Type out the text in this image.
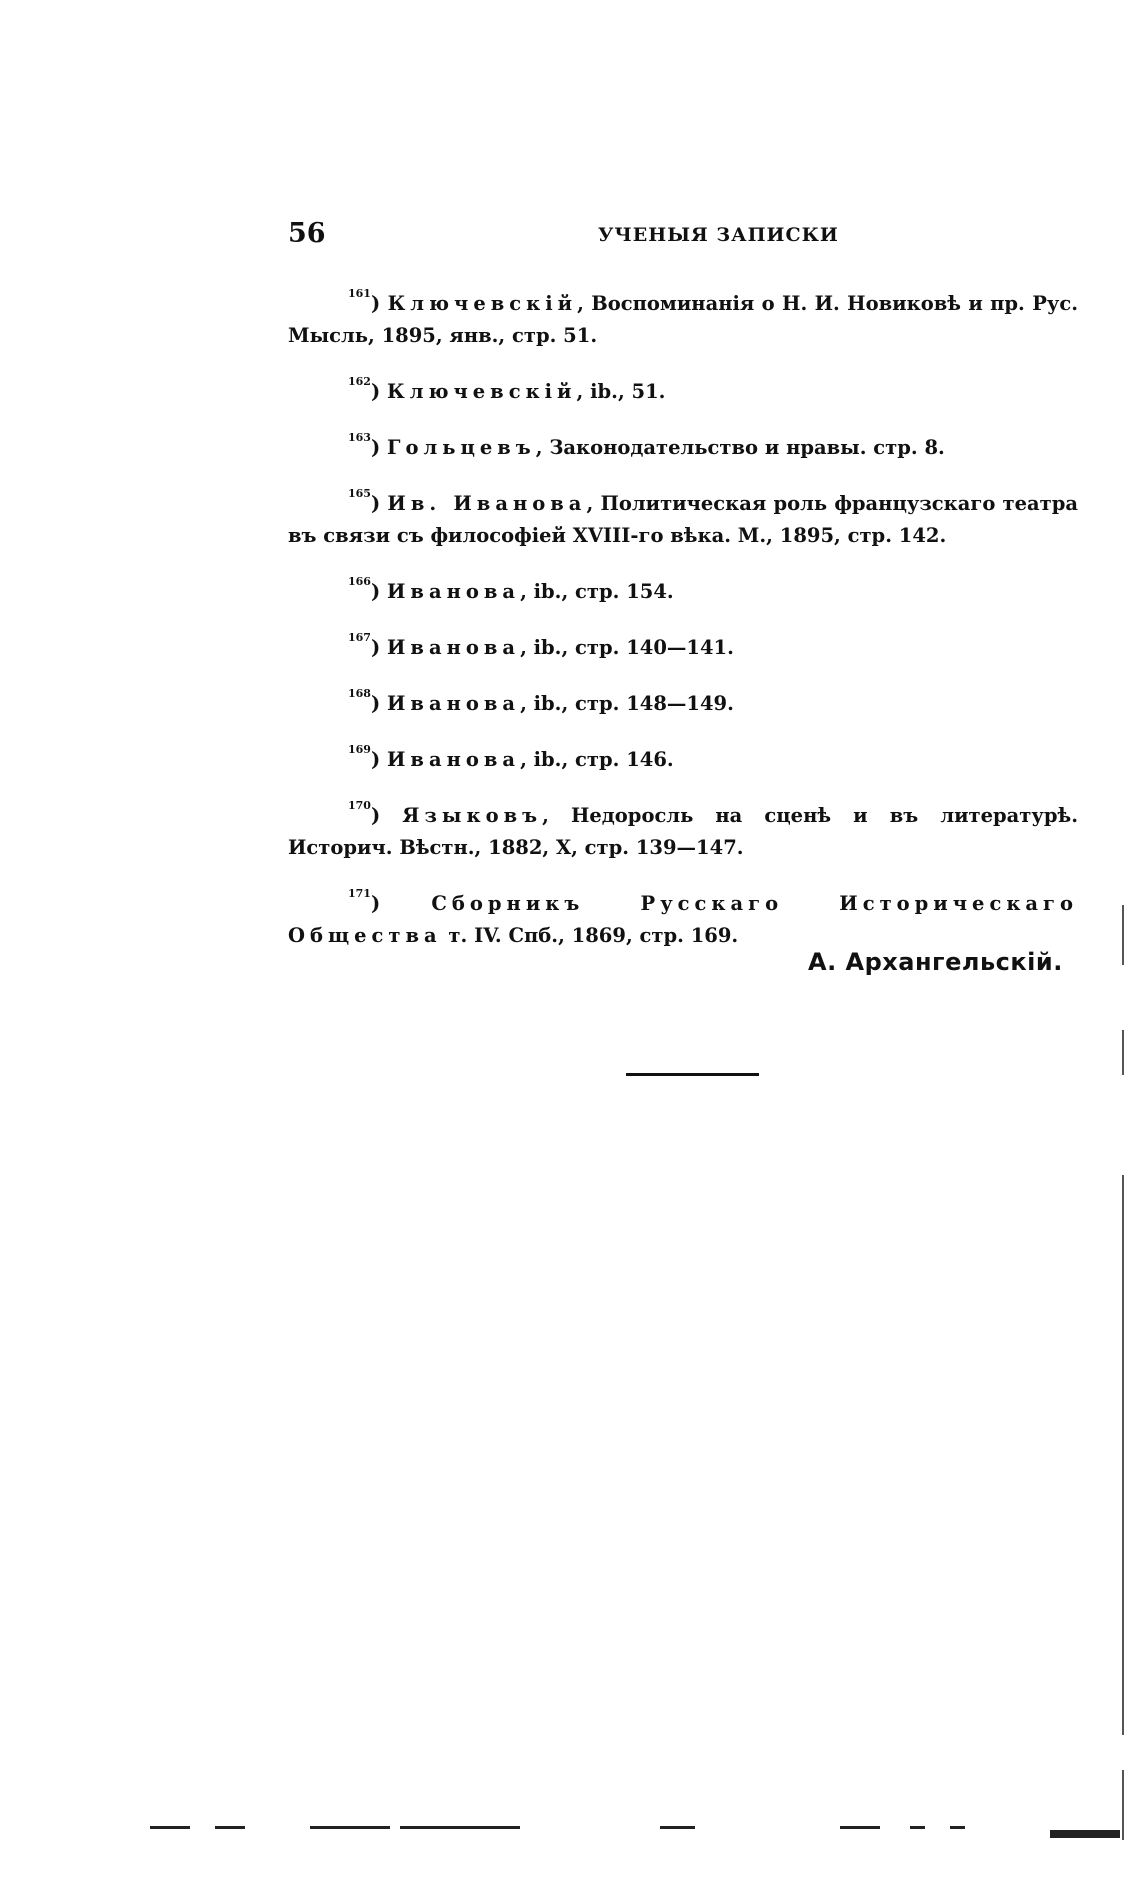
56	УЧЕНЫЯ ЗАПИСКИ

$^{161}$) Ключевскій, Воспоминанія о Н. И. Новиковѣ и пр. Рус. Мысль, 1895, янв., стр. 51.

$^{162}$) Ключевскій, ib., 51.

$^{163}$) Гольцевъ, Законодательство и нравы. стр. 8.

$^{165}$) Ив. Иванова, Политическая роль французскаго театра въ связи съ философіей XVIII-го вѣка. М., 1895, стр. 142.

$^{166}$) Иванова, ib., стр. 154.

$^{167}$) Иванова, ib., стр. 140—141.

$^{168}$) Иванова, ib., стр. 148—149.

$^{169}$) Иванова, ib., стр. 146.

$^{170}$) Языковъ, Недоросль на сценѣ и въ литературѣ. Историч. Вѣстн., 1882, X, стр. 139—147.

$^{171}$) Сборникъ Русскаго Историческаго Общества т. IV. Спб., 1869, стр. 169.

А. Архангельскій.
